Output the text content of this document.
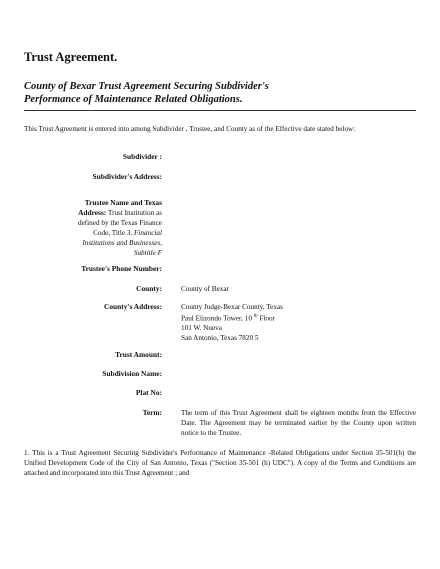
Trust Agreement.
County of Bexar Trust Agreement Securing Subdivider's
Performance of Maintenance Related Obligations.
This Trust Agreement is entered into among Subdivider , Trustee, and County as of the Effective date stated below:
Subdivider :
Subdivider's Address:
Trustee Name and Texas
Address: Trust Institution as
defined by the Texas Finance
Code, Title 3. Financial
Institutions and Businesses,
Subtitle F
Trustee's Phone Number:
County:	County of Bexar
County's Address:	County Judge-Bexar County, Texas
Paul Elizondo Tower, 10 $^{th}$ Floor
101 W. Nueva
San Antonio, Texas 7820 5
Trust Amount:
Subdivision Name:
Plat No:
Term:	The term of this Trust Agreement shall be eighteen months from the Effective Date. The Agreement may be terminated earlier by the County upon written notice to the Trustee.
1. This is a Trust Agreement Securing Subdivider's Performance of Maintenance -Related Obligations under Section 35-501(h) the Unified Development Code of the City of San Antonio, Texas ("Section 35-501 (h) UDC"). A copy of the Terms and Conditions are attached and incorporated into this Trust Agreement ; and
